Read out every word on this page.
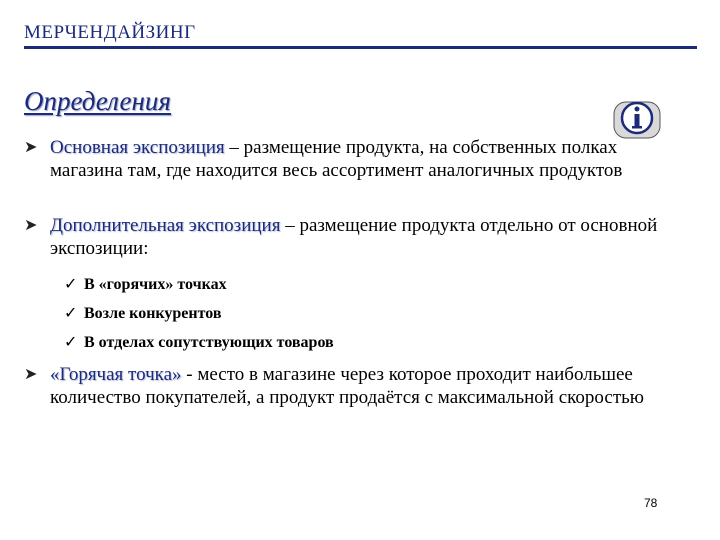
МЕРЧЕНДАЙЗИНГ
Определения
➤ Основная экспозиция – размещение продукта, на собственных полках магазина там, где находится весь ассортимент аналогичных продуктов
➤ Дополнительная экспозиция – размещение продукта отдельно от основной экспозиции:
✓ В «горячих» точках
✓ Возле конкурентов
✓ В отделах сопутствующих товаров
➤ «Горячая точка» - место в магазине через которое проходит наибольшее количество покупателей, а продукт продаётся с максимальной скоростью
78
